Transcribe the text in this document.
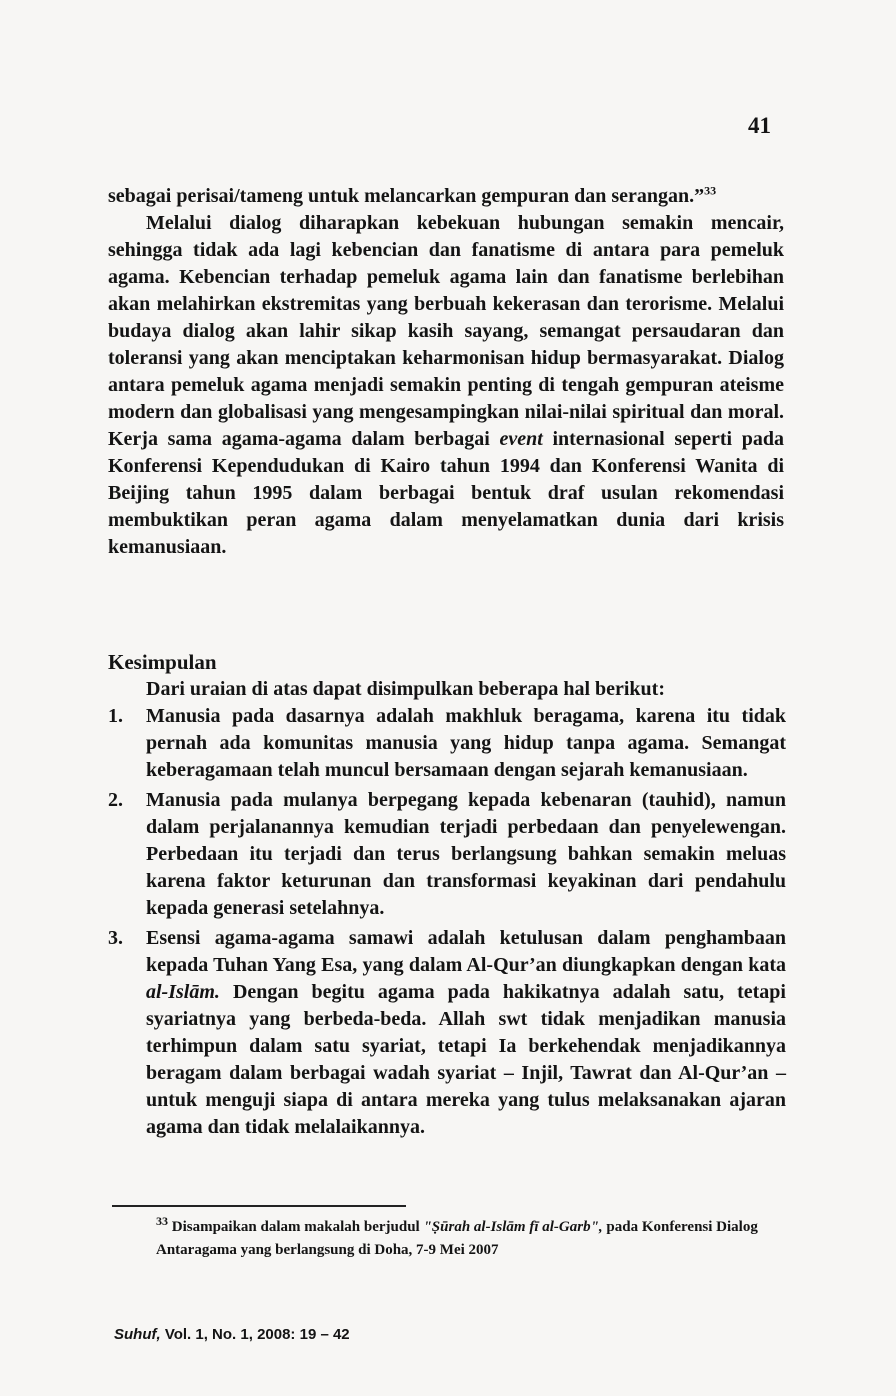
41

sebagai perisai/tameng untuk melancarkan gempuran dan serangan.”$^{33}$

Melalui dialog diharapkan kebekuan hubungan semakin mencair, sehingga tidak ada lagi kebencian dan fanatisme di antara para pemeluk agama. Kebencian terhadap pemeluk agama lain dan fanatisme berlebihan akan melahirkan ekstremitas yang berbuah kekerasan dan terorisme. Melalui budaya dialog akan lahir sikap kasih sayang, semangat persaudaran dan toleransi yang akan menciptakan keharmonisan hidup bermasyarakat. Dialog antara pemeluk agama menjadi semakin penting di tengah gempuran ateisme modern dan globalisasi yang mengesampingkan nilai-nilai spiritual dan moral. Kerja sama agama-agama dalam berbagai event internasional seperti pada Konferensi Kependudukan di Kairo tahun 1994 dan Konferensi Wanita di Beijing tahun 1995 dalam berbagai bentuk draf usulan rekomendasi membuktikan peran agama dalam menyelamatkan dunia dari krisis kemanusiaan.

Kesimpulan
Dari uraian di atas dapat disimpulkan beberapa hal berikut:
1.	Manusia pada dasarnya adalah makhluk beragama, karena itu tidak pernah ada komunitas manusia yang hidup tanpa agama. Semangat keberagamaan telah muncul bersamaan dengan sejarah kemanusiaan.
2.	Manusia pada mulanya berpegang kepada kebenaran (tauhid), namun dalam perjalanannya kemudian terjadi perbedaan dan penyelewengan. Perbedaan itu terjadi dan terus berlangsung bahkan semakin meluas karena faktor keturunan dan transformasi keyakinan dari pendahulu kepada generasi setelahnya.
3.	Esensi agama-agama samawi adalah ketulusan dalam penghambaan kepada Tuhan Yang Esa, yang dalam Al-Qur’an diungkapkan dengan kata al-Islām. Dengan begitu agama pada hakikatnya adalah satu, tetapi syariatnya yang berbeda-beda. Allah swt tidak menjadikan manusia terhimpun dalam satu syariat, tetapi Ia berkehendak menjadikannya beragam dalam berbagai wadah syariat – Injil, Tawrat dan Al-Qur’an – untuk menguji siapa di antara mereka yang tulus melaksanakan ajaran agama dan tidak melalaikannya.
$^{33}$ Disampaikan dalam makalah berjudul "Ṣūrah al-Islām fī al-Garb", pada Konferensi Dialog Antaragama yang berlangsung di Doha, 7-9 Mei 2007
Suhuf, Vol. 1, No. 1, 2008: 19 – 42
